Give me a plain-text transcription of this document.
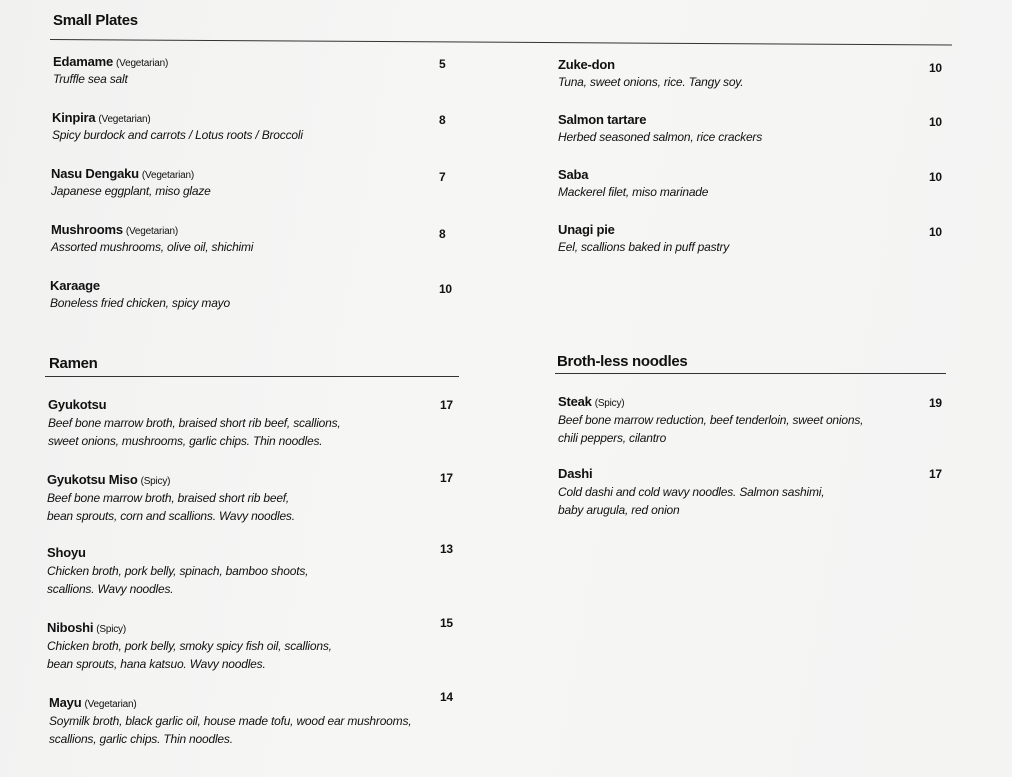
Small Plates
Edamame (Vegetarian)
Truffle sea salt
5
Kinpira (Vegetarian)
Spicy burdock and carrots / Lotus roots / Broccoli
8
Nasu Dengaku (Vegetarian)
Japanese eggplant, miso glaze
7
Mushrooms (Vegetarian)
Assorted mushrooms, olive oil, shichimi
8
Karaage
Boneless fried chicken, spicy mayo
10
Zuke-don
Tuna, sweet onions, rice. Tangy soy.
10
Salmon tartare
Herbed seasoned salmon, rice crackers
10
Saba
Mackerel filet, miso marinade
10
Unagi pie
Eel, scallions baked in puff pastry
10
Ramen
Gyukotsu
Beef bone marrow broth, braised short rib beef, scallions,
sweet onions, mushrooms, garlic chips. Thin noodles.
17
Gyukotsu Miso (Spicy)
Beef bone marrow broth, braised short rib beef,
bean sprouts, corn and scallions. Wavy noodles.
17
Shoyu
Chicken broth, pork belly, spinach, bamboo shoots,
scallions. Wavy noodles.
13
Niboshi (Spicy)
Chicken broth, pork belly, smoky spicy fish oil, scallions,
bean sprouts, hana katsuo. Wavy noodles.
15
Mayu (Vegetarian)
Soymilk broth, black garlic oil, house made tofu, wood ear mushrooms,
scallions, garlic chips. Thin noodles.
14
Broth-less noodles
Steak (Spicy)
Beef bone marrow reduction, beef tenderloin, sweet onions,
chili peppers, cilantro
19
Dashi
Cold dashi and cold wavy noodles. Salmon sashimi,
baby arugula, red onion
17
